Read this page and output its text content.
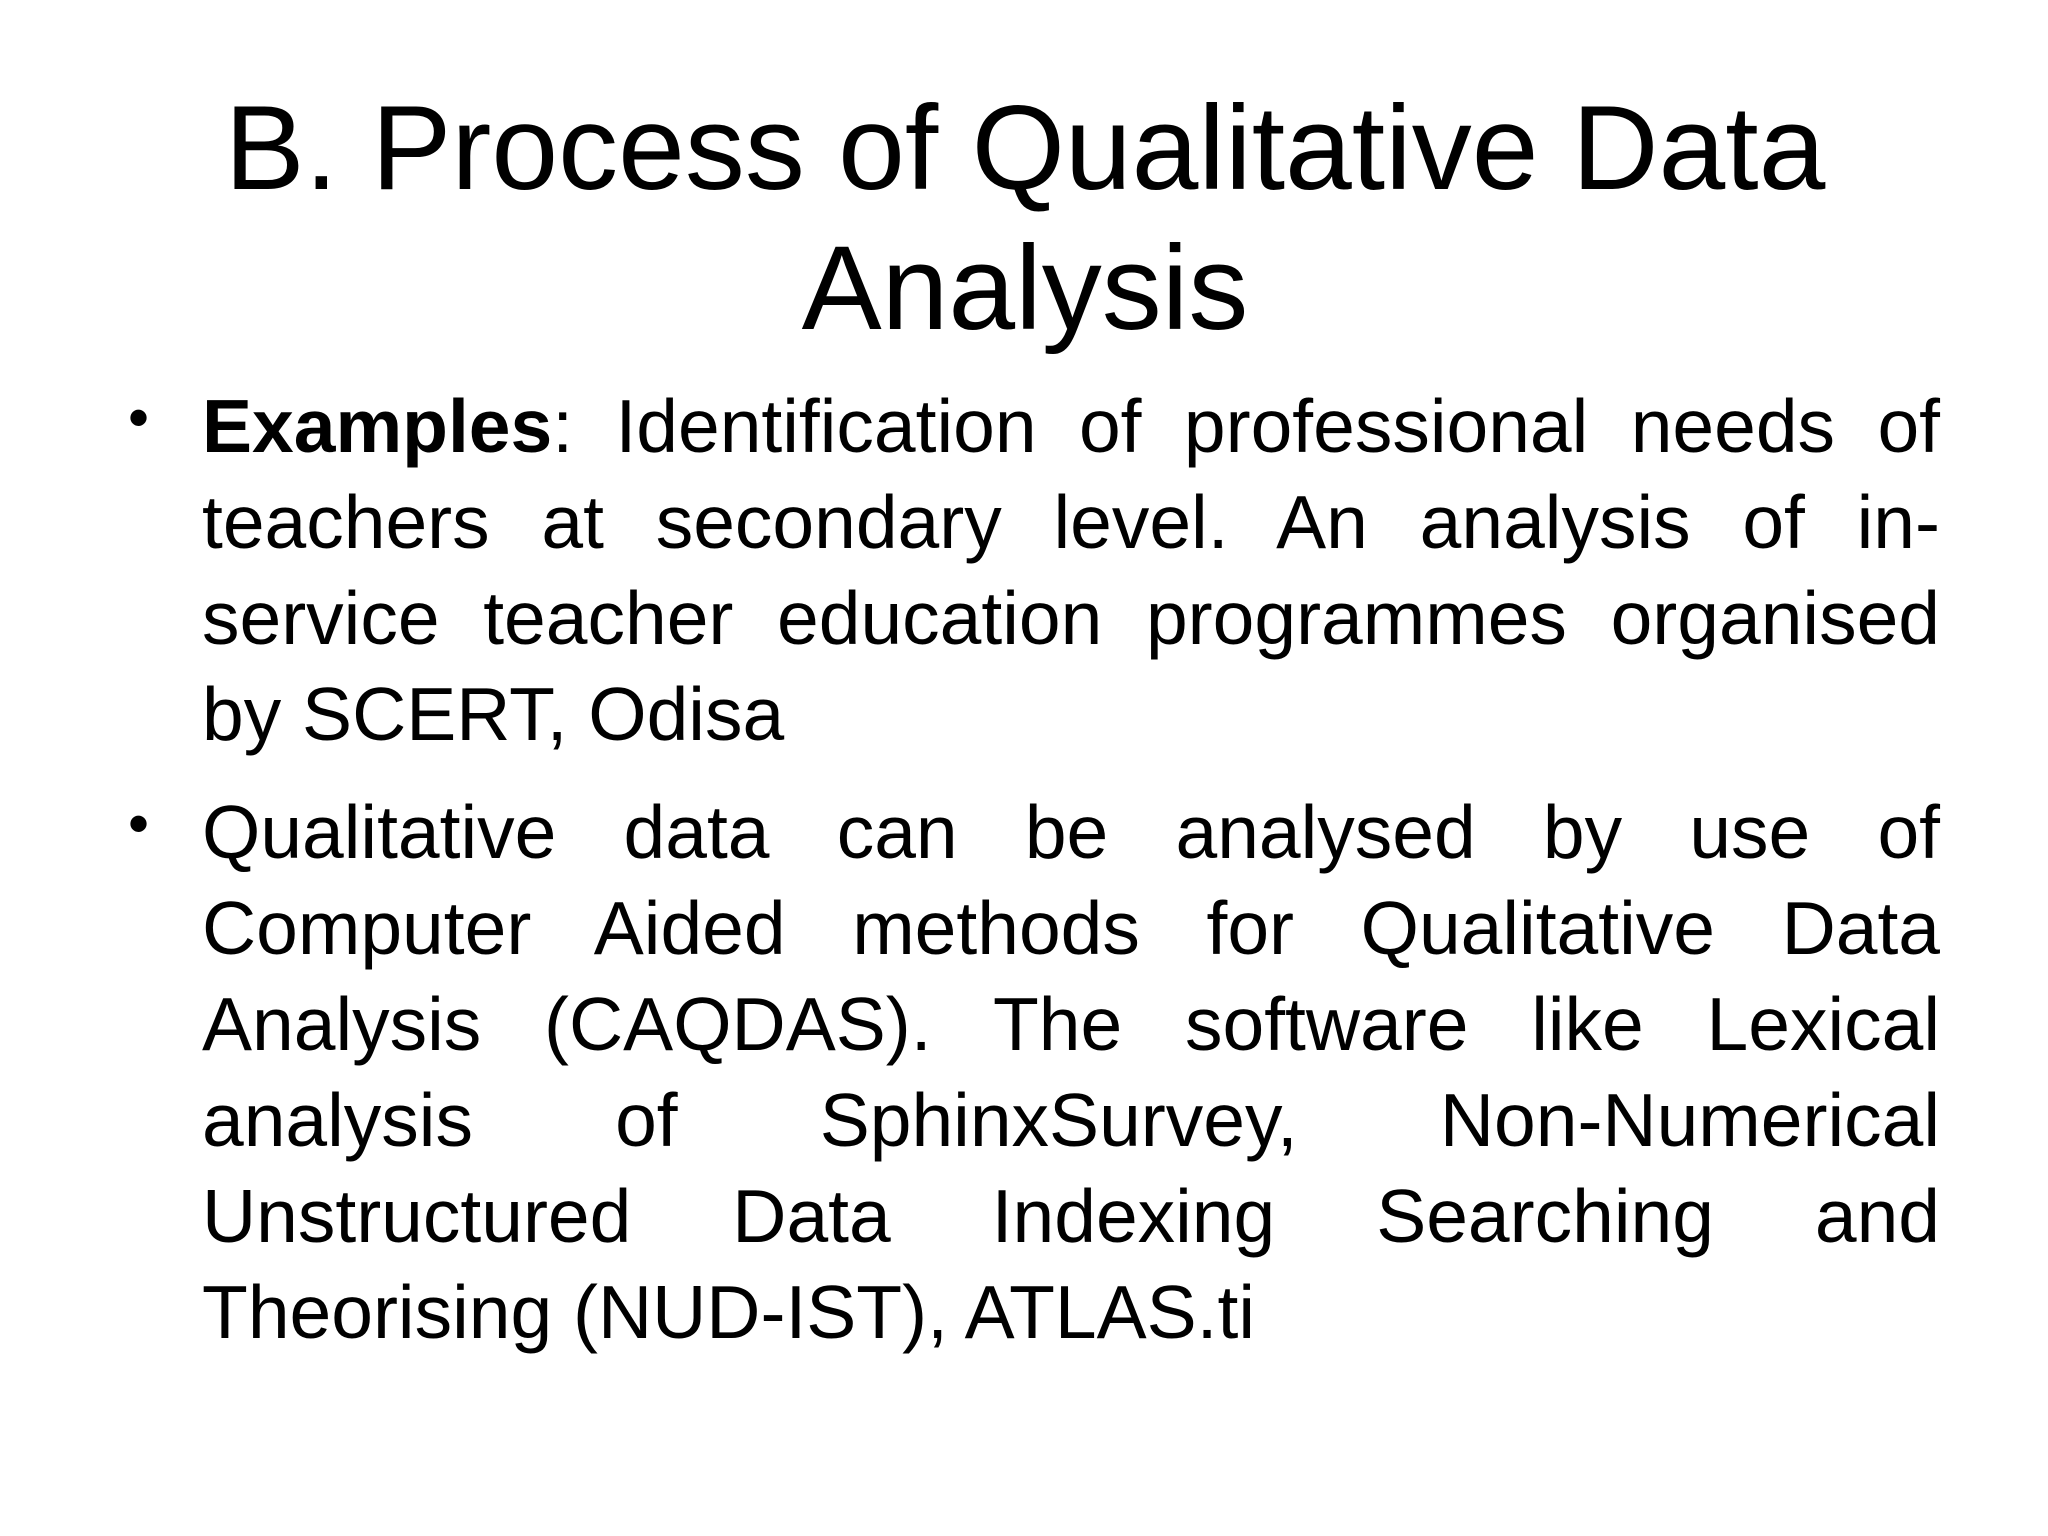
B. Process of Qualitative Data
Analysis
• Examples: Identification of professional needs of teachers at secondary level. An analysis of in-service teacher education programmes organised by SCERT, Odisa
• Qualitative data can be analysed by use of Computer Aided methods for Qualitative Data Analysis (CAQDAS). The software like Lexical analysis of SphinxSurvey, Non-Numerical Unstructured Data Indexing Searching and Theorising (NUD-IST), ATLAS.ti
